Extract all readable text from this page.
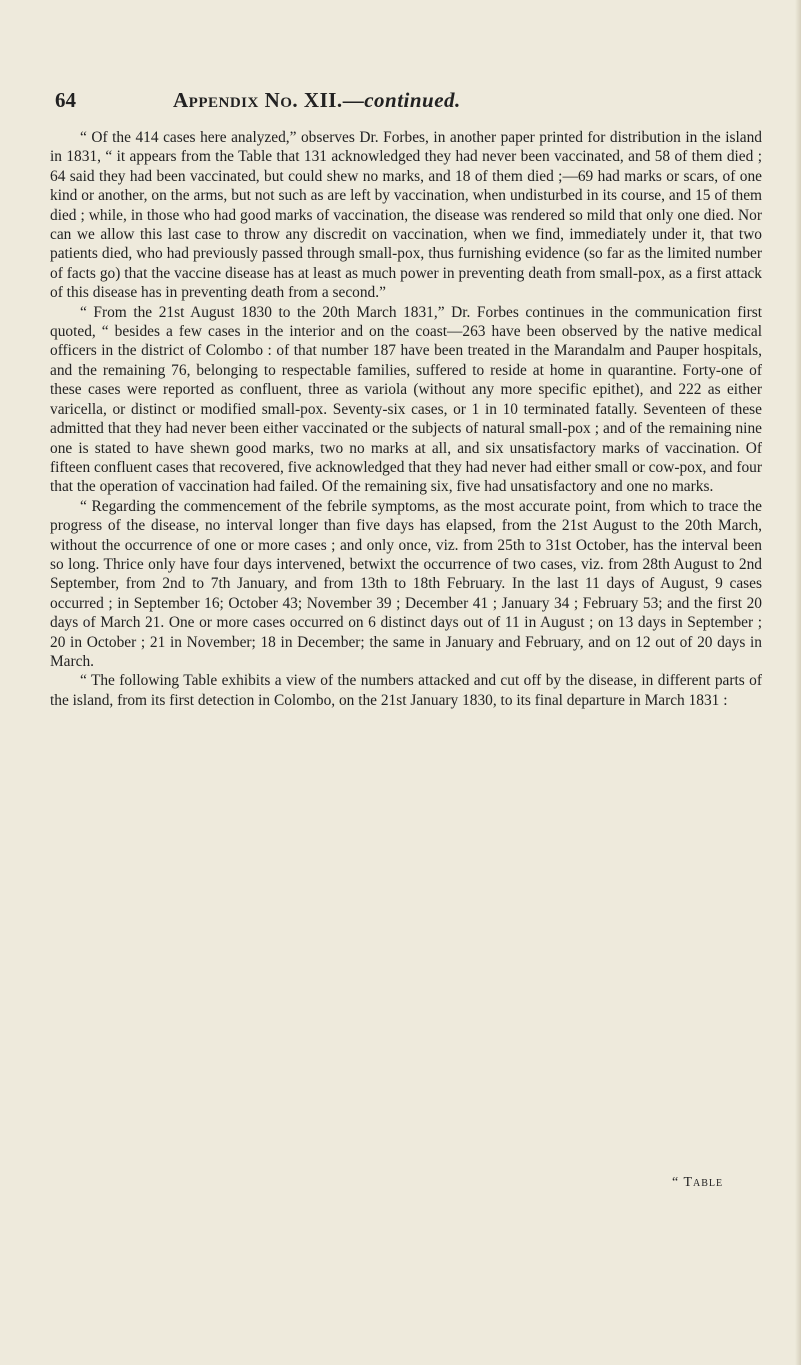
64	Appendix No. XII.—continued.

“ Of the 414 cases here analyzed,” observes Dr. Forbes, in another paper printed for distribution in the island in 1831, “ it appears from the Table that 131 acknowledged they had never been vaccinated, and 58 of them died ; 64 said they had been vaccinated, but could shew no marks, and 18 of them died ;—69 had marks or scars, of one kind or another, on the arms, but not such as are left by vaccination, when undisturbed in its course, and 15 of them died ; while, in those who had good marks of vaccination, the disease was rendered so mild that only one died. Nor can we allow this last case to throw any discredit on vaccination, when we find, immediately under it, that two patients died, who had previously passed through small-pox, thus furnishing evidence (so far as the limited number of facts go) that the vaccine disease has at least as much power in preventing death from small-pox, as a first attack of this disease has in preventing death from a second.”

“ From the 21st August 1830 to the 20th March 1831,” Dr. Forbes continues in the communication first quoted, “ besides a few cases in the interior and on the coast—263 have been observed by the native medical officers in the district of Colombo : of that number 187 have been treated in the Marandalm and Pauper hospitals, and the remaining 76, belonging to respectable families, suffered to reside at home in quarantine. Forty-one of these cases were reported as confluent, three as variola (without any more specific epithet), and 222 as either varicella, or distinct or modified small-pox. Seventy-six cases, or 1 in 10 terminated fatally. Seventeen of these admitted that they had never been either vaccinated or the subjects of natural small-pox ; and of the remaining nine one is stated to have shewn good marks, two no marks at all, and six unsatisfactory marks of vaccination. Of fifteen confluent cases that recovered, five acknowledged that they had never had either small or cow-pox, and four that the operation of vaccination had failed. Of the remaining six, five had unsatisfactory and one no marks.

“ Regarding the commencement of the febrile symptoms, as the most accurate point, from which to trace the progress of the disease, no interval longer than five days has elapsed, from the 21st August to the 20th March, without the occurrence of one or more cases ; and only once, viz. from 25th to 31st October, has the interval been so long. Thrice only have four days intervened, betwixt the occurrence of two cases, viz. from 28th August to 2nd September, from 2nd to 7th January, and from 13th to 18th February. In the last 11 days of August, 9 cases occurred ; in September 16; October 43; November 39 ; December 41 ; January 34 ; February 53; and the first 20 days of March 21. One or more cases occurred on 6 distinct days out of 11 in August ; on 13 days in September ; 20 in October ; 21 in November; 18 in December; the same in January and February, and on 12 out of 20 days in March.

“ The following Table exhibits a view of the numbers attacked and cut off by the disease, in different parts of the island, from its first detection in Colombo, on the 21st January 1830, to its final departure in March 1831 :

“ Table
